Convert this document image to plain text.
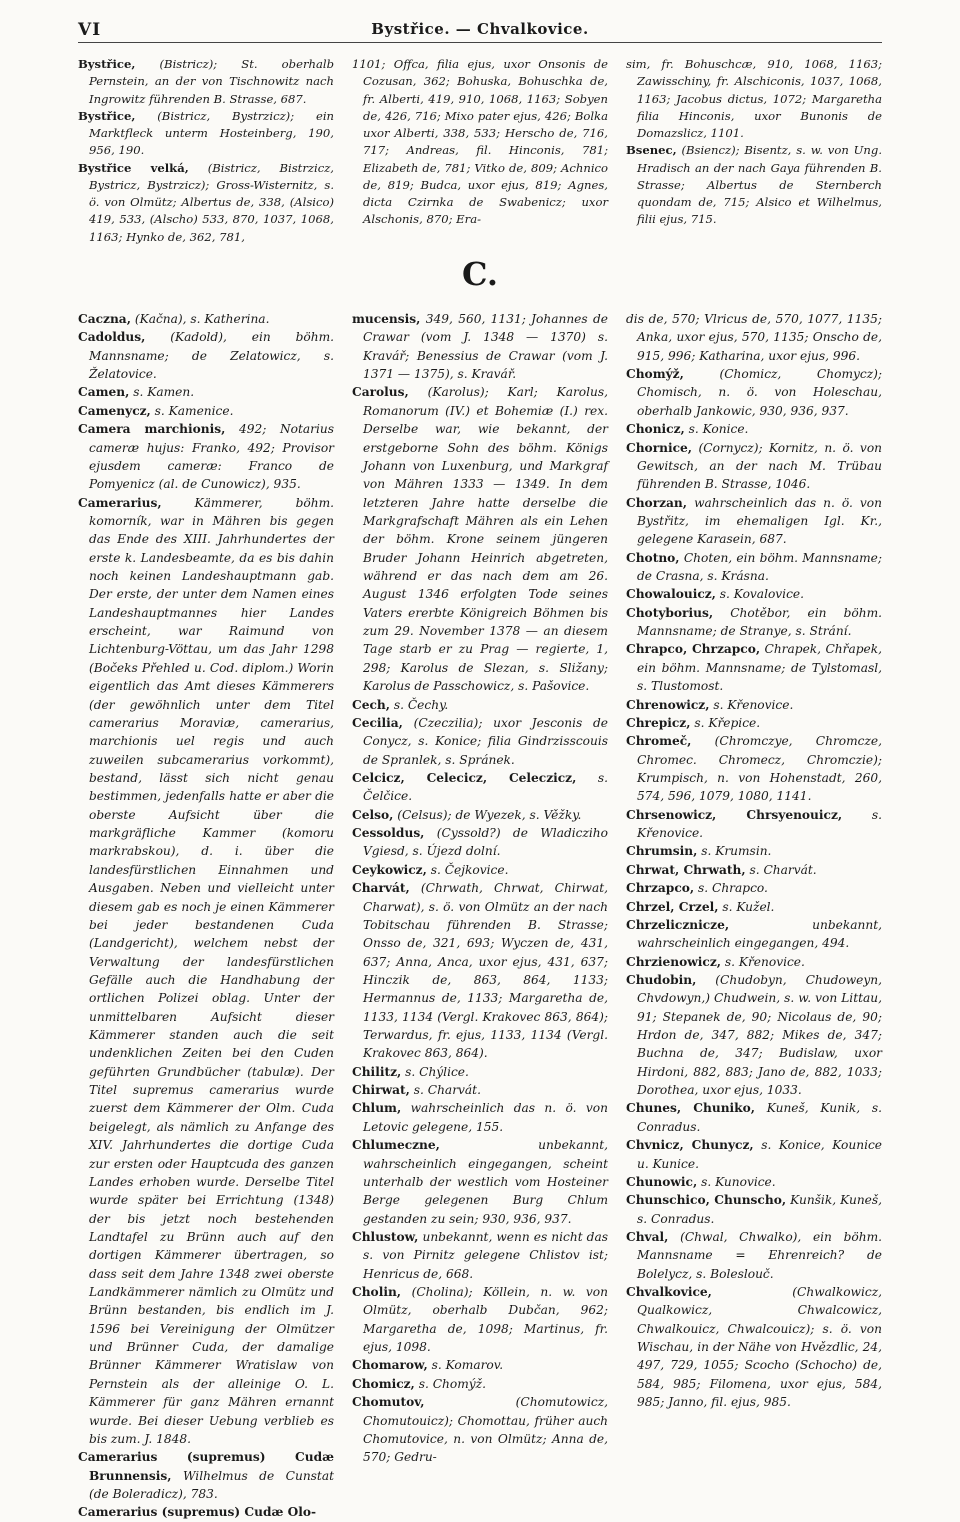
VI	Bystřice. — Chvalkovice.

Bystřice, (Bistricz); St. oberhalb Pernstein, an der von Tischnowitz nach Ingrowitz führenden B. Strasse, 687.

Bystřice, (Bistricz, Bystrzicz); ein Marktfleck unterm Hosteinberg, 190, 956, 190.

Bystřice velká, (Bistricz, Bistrzicz, Bystricz, Bystrzicz); Gross-Wisternitz, s. ö. von Olmütz; Albertus de, 338, (Alsico) 419, 533, (Alscho) 533, 870, 1037, 1068, 1163; Hynko de, 362, 781,

1101; Offca, filia ejus, uxor Onsonis de Cozusan, 362; Bohuska, Bohuschka de, fr. Alberti, 419, 910, 1068, 1163; Sobyen de, 426, 716; Mixo pater ejus, 426; Bolka uxor Alberti, 338, 533; Herscho de, 716, 717; Andreas, fil. Hinconis, 781; Elizabeth de, 781; Vitko de, 809; Achnico de, 819; Budca, uxor ejus, 819; Agnes, dicta Czirnka de Swabenicz; uxor Alschonis, 870; Era-

sim, fr. Bohuschcæ, 910, 1068, 1163; Zawisschiny, fr. Alschiconis, 1037, 1068, 1163; Jacobus dictus, 1072; Margaretha filia Hinconis, uxor Bunonis de Domazslicz, 1101.

Bsenec, (Bsiencz); Bisentz, s. w. von Ung. Hradisch an der nach Gaya führenden B. Strasse; Albertus de Sternberch quondam de, 715; Alsico et Wilhelmus, filii ejus, 715.

C.

Caczna, (Kačna), s. Katherina.

Cadoldus, (Kadold), ein böhm. Mannsname; de Zelatowicz, s. Želatovice.

Camen, s. Kamen.

Camenycz, s. Kamenice.

Camera marchionis, 492; Notarius cameræ hujus: Franko, 492; Provisor ejusdem cameræ: Franco de Pomyenicz (al. de Cunowicz), 935.

Camerarius,	Kämmerer, böhm. komorník, war in Mähren bis gegen das Ende des XIII. Jahrhundertes der erste k. Landesbeamte, da es bis dahin noch keinen Landeshauptmann gab. Der erste, der unter dem Namen eines Landeshauptmannes hier Landes erscheint, war Raimund von Lichtenburg-Vöttau, um das Jahr 1298 (Bočeks Přehled u. Cod. diplom.) Worin eigentlich das Amt dieses Kämmerers (der gewöhnlich unter dem Titel camerarius Moraviæ, camerarius, marchionis uel regis und auch zuweilen subcamerarius vorkommt), bestand, lässt sich nicht genau bestimmen, jedenfalls hatte er aber die oberste Aufsicht über die markgräfliche Kammer (komoru markrabskou), d. i. über die landesfürstlichen Einnahmen und Ausgaben. Neben und vielleicht unter diesem gab es noch je einen Kämmerer bei jeder bestandenen Cuda (Landgericht), welchem nebst der Verwaltung der landesfürstlichen Gefälle auch die Handhabung der ortlichen Polizei oblag. Unter der unmittelbaren Aufsicht dieser Kämmerer standen auch die seit undenklichen Zeiten bei den Cuden geführten Grundbücher (tabulæ). Der Titel supremus camerarius wurde zuerst dem Kämmerer der Olm. Cuda beigelegt, als nämlich zu Anfange des XIV. Jahrhundertes die dortige Cuda zur ersten oder Hauptcuda des ganzen Landes erhoben wurde. Derselbe Titel wurde später bei Errichtung (1348) der bis jetzt noch bestehenden Landtafel zu Brünn auch auf den dortigen Kämmerer übertragen, so dass seit dem Jahre 1348 zwei oberste Landkämmerer nämlich zu Olmütz und Brünn bestanden, bis endlich im J. 1596 bei Vereinigung der Olmützer und Brünner Cuda, der damalige Brünner Kämmerer Wratislaw von Pernstein als der alleinige O. L. Kämmerer für ganz Mähren ernannt wurde. Bei dieser Uebung verblieb es bis zum. J. 1848.

Camerarius (supremus) Cudæ Brunnensis, Wilhelmus de Cunstat (de Boleradicz), 783.

Camerarius (supremus) Cudæ Olo-

mucensis, 349, 560, 1131; Johannes de Crawar (vom J. 1348 — 1370) s. Kravář; Benessius de Crawar (vom J. 1371 — 1375), s. Kravář.

Carolus, (Karolus); Karl; Karolus, Romanorum (IV.) et Bohemiæ (I.) rex. Derselbe war, wie bekannt, der erstgeborne Sohn des böhm. Königs Johann von Luxenburg, und Markgraf von Mähren 1333 — 1349. In dem letzteren Jahre hatte derselbe die Markgrafschaft Mähren als ein Lehen der böhm. Krone seinem jüngeren Bruder Johann Heinrich abgetreten, während er das nach dem am 26. August 1346 erfolgten Tode seines Vaters ererbte Königreich Böhmen bis zum 29. November 1378 — an diesem Tage starb er zu Prag — regierte, 1, 298; Karolus de Slezan, s. Sližany; Karolus de Passchowicz, s. Pašovice.

Cech, s. Čechy.

Cecilia, (Czeczilia); uxor Jesconis de Conycz, s. Konice; filia Gindrzisscouis de Spranlek, s. Spránek.

Celcicz, Celecicz, Celeczicz, s. Čelčice.

Celso, (Celsus); de Wyezek, s. Věžky.

Cessoldus, (Cyssold?) de Wladicziho Vgiesd, s. Újezd dolní.

Ceykowicz, s. Čejkovice.

Charvát, (Chrwath, Chrwat, Chirwat, Charwat), s. ö. von Olmütz an der nach Tobitschau führenden B. Strasse; Onsso de, 321, 693; Wyczen de, 431, 637; Anna, Anca, uxor ejus, 431, 637; Hinczik de, 863, 864, 1133; Hermannus de, 1133; Margaretha de, 1133, 1134 (Vergl. Krakovec 863, 864); Terwardus, fr. ejus, 1133, 1134 (Vergl. Krakovec 863, 864).

Chilitz, s. Chýlice.

Chirwat, s. Charvát.

Chlum, wahrscheinlich das n. ö. von Letovic gelegene, 155.

Chlumeczne,	unbekannt, wahrscheinlich eingegangen, scheint unterhalb der westlich vom Hosteiner Berge gelegenen Burg Chlum gestanden zu sein; 930, 936, 937.

Chlustow, unbekannt, wenn es nicht das s. von Pirnitz gelegene Chlistov ist; Henricus de, 668.

Cholin, (Cholina); Köllein, n. w. von Olmütz, oberhalb Dubčan, 962; Margaretha de, 1098; Martinus, fr. ejus, 1098.

Chomarow, s. Komarov.

Chomicz, s. Chomýž.

Chomutov,	(Chomutowicz, Chomutouicz); Chomottau, früher auch Chomutovice, n. von Olmütz; Anna de, 570; Gedru-

dis de, 570; Vlricus de, 570, 1077, 1135; Anka, uxor ejus, 570, 1135; Onscho de, 915, 996; Katharina, uxor ejus, 996.

Chomýž,	(Chomicz, Chomycz); Chomisch, n. ö. von Holeschau, oberhalb Jankowic, 930, 936, 937.

Chonicz, s. Konice.

Chornice, (Cornycz); Kornitz, n. ö. von Gewitsch, an der nach M. Trübau führenden B. Strasse, 1046.

Chorzan, wahrscheinlich das n. ö. von Bystřitz, im ehemaligen Igl. Kr., gelegene Karasein, 687.

Chotno, Choten, ein böhm. Mannsname; de Crasna, s. Krásna.

Chowalouicz, s. Kovalovice.

Chotyborius, Chotěbor, ein böhm. Mannsname; de Stranye, s. Strání.

Chrapco, Chrzapco, Chrapek, Chřapek, ein böhm. Mannsname; de Tylstomasl, s. Tlustomost.

Chrenowicz, s. Křenovice.

Chrepicz, s. Křepice.

Chromeč, (Chromczye, Chromcze, Chromec. Chromecz, Chromczie); Krumpisch, n. von Hohenstadt, 260, 574, 596, 1079, 1080, 1141.

Chrsenowicz, Chrsyenouicz, s. Křenovice.

Chrumsin, s. Krumsin.

Chrwat, Chrwath, s. Charvát.

Chrzapco, s. Chrapco.

Chrzel, Crzel, s. Kužel.

Chrzelicznicze,	unbekannt, wahrscheinlich eingegangen, 494.

Chrzienowicz, s. Křenovice.

Chudobin, (Chudobyn, Chudoweyn, Chvdowyn,) Chudwein, s. w. von Littau, 91; Stepanek de, 90; Nicolaus de, 90; Hrdon de, 347, 882; Mikes de, 347; Buchna de, 347; Budislaw, uxor Hirdoni, 882, 883; Jano de, 882, 1033; Dorothea, uxor ejus, 1033.

Chunes, Chuniko, Kuneš, Kunik, s. Conradus.

Chvnicz, Chunycz, s. Konice, Kounice u. Kunice.

Chunowic, s. Kunovice.

Chunschico, Chunscho, Kunšik, Kuneš, s. Conradus.

Chval, (Chwal, Chwalko), ein böhm. Mannsname = Ehrenreich? de Bolelycz, s. Boleslouč.

Chvalkovice,	(Chwalkowicz, Qualkowicz, Chwalcowicz, Chwalkouicz, Chwalcouicz); s. ö. von Wischau, in der Nähe von Hvězdlic, 24, 497, 729, 1055; Scocho (Schocho) de, 584, 985; Filomena, uxor ejus, 584, 985; Janno, fil. ejus, 985.
